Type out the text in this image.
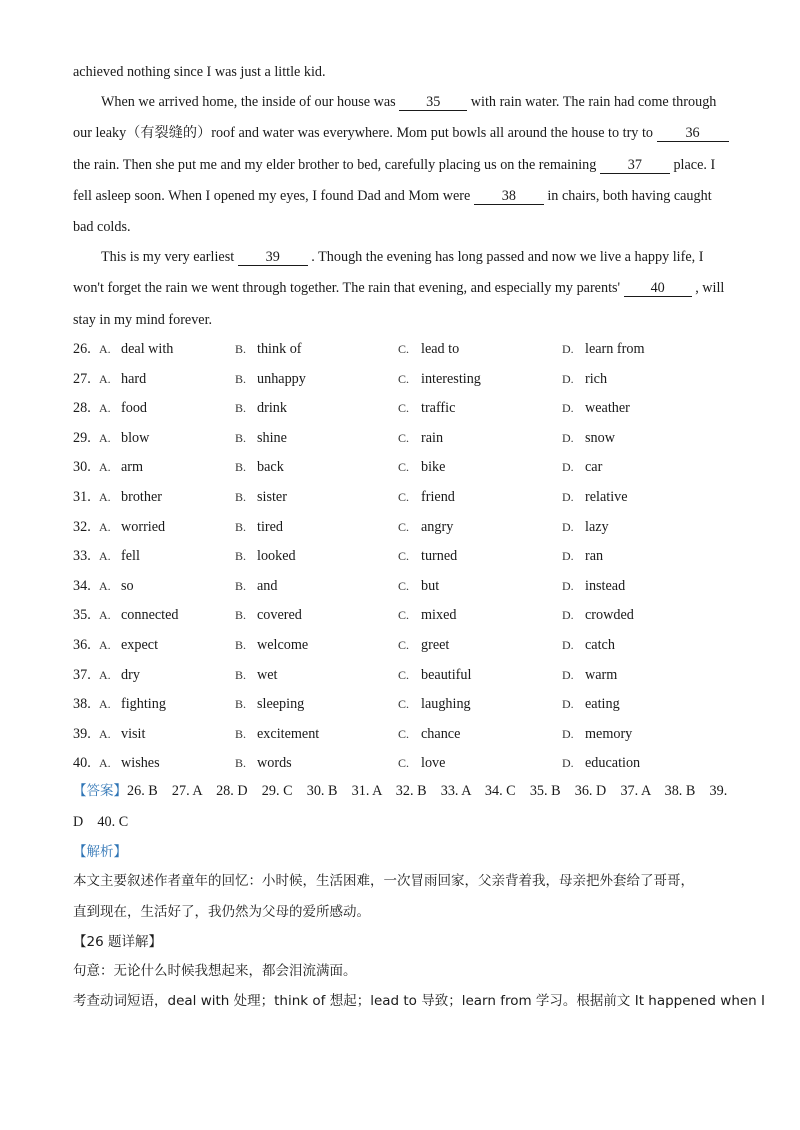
achieved nothing since I was just a little kid.
When we arrived home, the inside of our house was 35 with rain water. The rain had come through
our leaky（有裂缝的）roof and water was everywhere. Mom put bowls all around the house to try to 36
the rain. Then she put me and my elder brother to bed, carefully placing us on the remaining 37 place. I
fell asleep soon. When I opened my eyes, I found Dad and Mom were 38 in chairs, both having caught
bad colds.
This is my very earliest 39 . Though the evening has long passed and now we live a happy life, I
won't forget the rain we went through together. The rain that evening, and especially my parents' 40 , will
stay in my mind forever.
26. A. deal with	B. think of	C. lead to	D. learn from
27. A. hard	B. unhappy	C. interesting	D. rich
28. A. food	B. drink	C. traffic	D. weather
29. A. blow	B. shine	C. rain	D. snow
30. A. arm	B. back	C. bike	D. car
31. A. brother	B. sister	C. friend	D. relative
32. A. worried	B. tired	C. angry	D. lazy
33. A. fell	B. looked	C. turned	D. ran
34. A. so	B. and	C. but	D. instead
35. A. connected	B. covered	C. mixed	D. crowded
36. A. expect	B. welcome	C. greet	D. catch
37. A. dry	B. wet	C. beautiful	D. warm
38. A. fighting	B. sleeping	C. laughing	D. eating
39. A. visit	B. excitement	C. chance	D. memory
40. A. wishes	B. words	C. love	D. education
【答案】26. B    27. A    28. D    29. C    30. B    31. A    32. B    33. A    34. C    35. B    36. D    37. A    38. B    39.
D    40. C
【解析】
本文主要叙述作者童年的回忆：小时候，生活困难，一次冒雨回家，父亲背着我，母亲把外套给了哥哥，
直到现在，生活好了，我仍然为父母的爱所感动。
【26 题详解】
句意：无论什么时候我想起来，都会泪流满面。
考查动词短语，deal with 处理；think of 想起；lead to 导致；learn from 学习。根据前文 It happened when I
